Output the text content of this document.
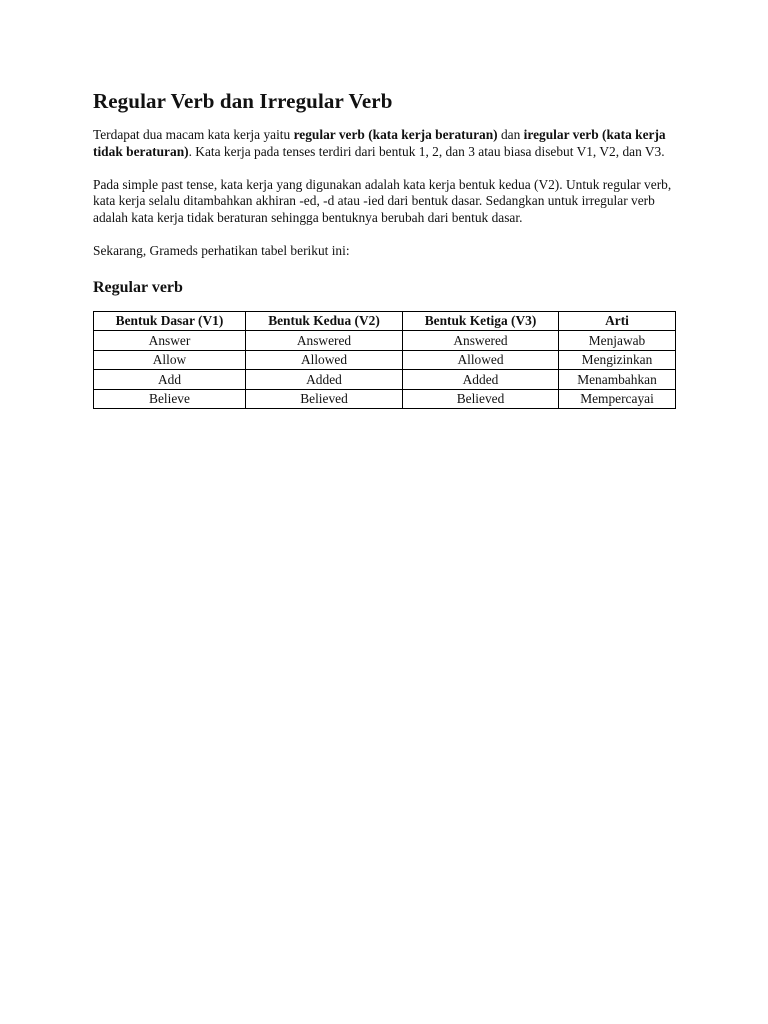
Regular Verb dan Irregular Verb

Terdapat dua macam kata kerja yaitu regular verb (kata kerja beraturan) dan iregular verb (kata kerja tidak beraturan). Kata kerja pada tenses terdiri dari bentuk 1, 2, dan 3 atau biasa disebut V1, V2, dan V3.

Pada simple past tense, kata kerja yang digunakan adalah kata kerja bentuk kedua (V2). Untuk regular verb, kata kerja selalu ditambahkan akhiran -ed, -d atau -ied dari bentuk dasar. Sedangkan untuk irregular verb adalah kata kerja tidak beraturan sehingga bentuknya berubah dari bentuk dasar.

Sekarang, Grameds perhatikan tabel berikut ini:

Regular verb
Bentuk Dasar (V1)	Bentuk Kedua (V2)	Bentuk Ketiga (V3)	Arti
Answer	Answered	Answered	Menjawab
Allow	Allowed	Allowed	Mengizinkan
Add	Added	Added	Menambahkan
Believe	Believed	Believed	Mempercayai
